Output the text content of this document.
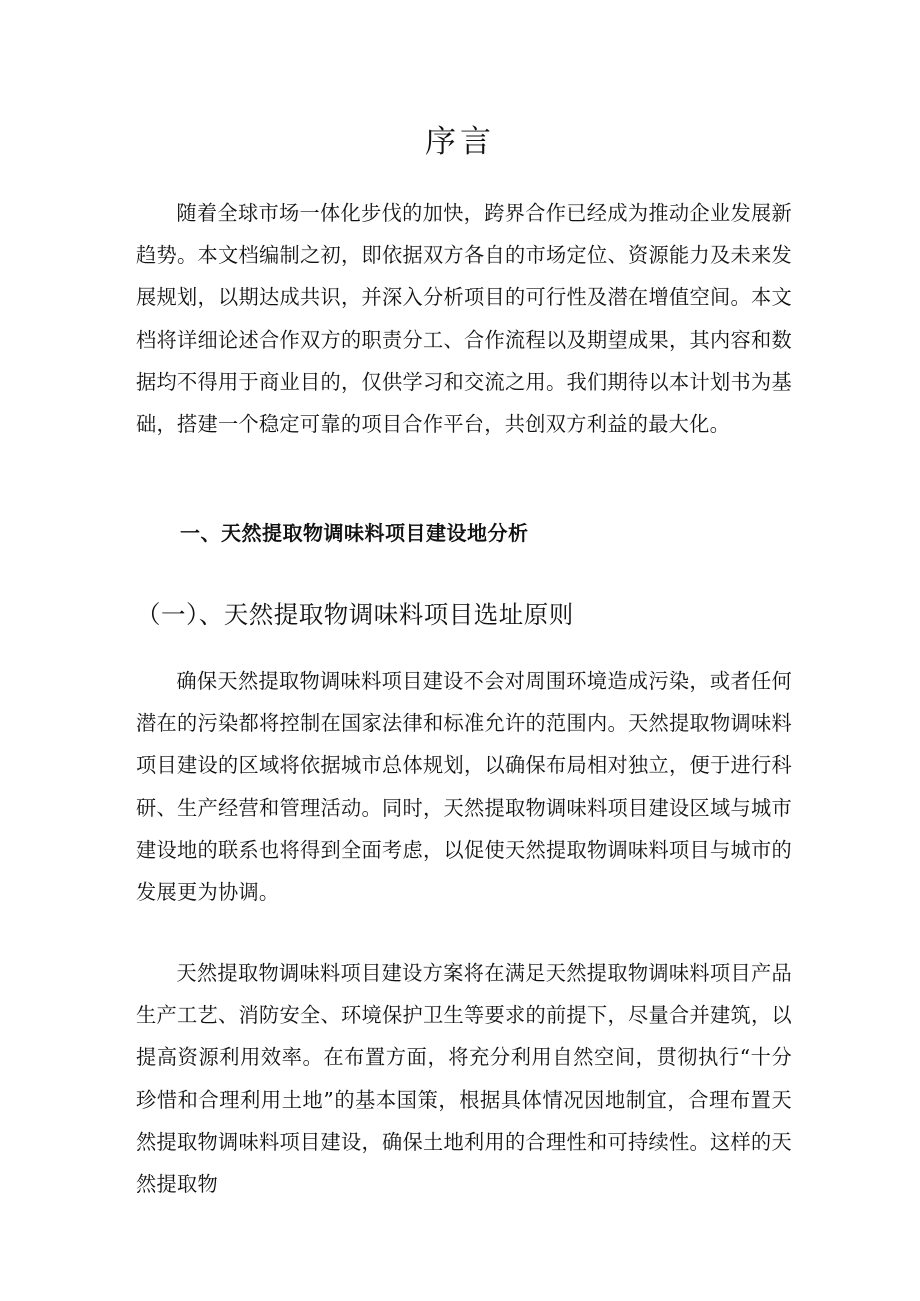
序言

随着全球市场一体化步伐的加快，跨界合作已经成为推动企业发展新趋势。本文档编制之初，即依据双方各自的市场定位、资源能力及未来发展规划，以期达成共识，并深入分析项目的可行性及潜在增值空间。本文档将详细论述合作双方的职责分工、合作流程以及期望成果，其内容和数据均不得用于商业目的，仅供学习和交流之用。我们期待以本计划书为基础，搭建一个稳定可靠的项目合作平台，共创双方利益的最大化。

一、天然提取物调味料项目建设地分析
（一）、天然提取物调味料项目选址原则

确保天然提取物调味料项目建设不会对周围环境造成污染，或者任何潜在的污染都将控制在国家法律和标准允许的范围内。天然提取物调味料项目建设的区域将依据城市总体规划，以确保布局相对独立，便于进行科研、生产经营和管理活动。同时，天然提取物调味料项目建设区域与城市建设地的联系也将得到全面考虑，以促使天然提取物调味料项目与城市的发展更为协调。

天然提取物调味料项目建设方案将在满足天然提取物调味料项目产品生产工艺、消防安全、环境保护卫生等要求的前提下，尽量合并建筑，以提高资源利用效率。在布置方面，将充分利用自然空间，贯彻执行“十分珍惜和合理利用土地”的基本国策，根据具体情况因地制宜，合理布置天然提取物调味料项目建设，确保土地利用的合理性和可持续性。这样的天然提取物
